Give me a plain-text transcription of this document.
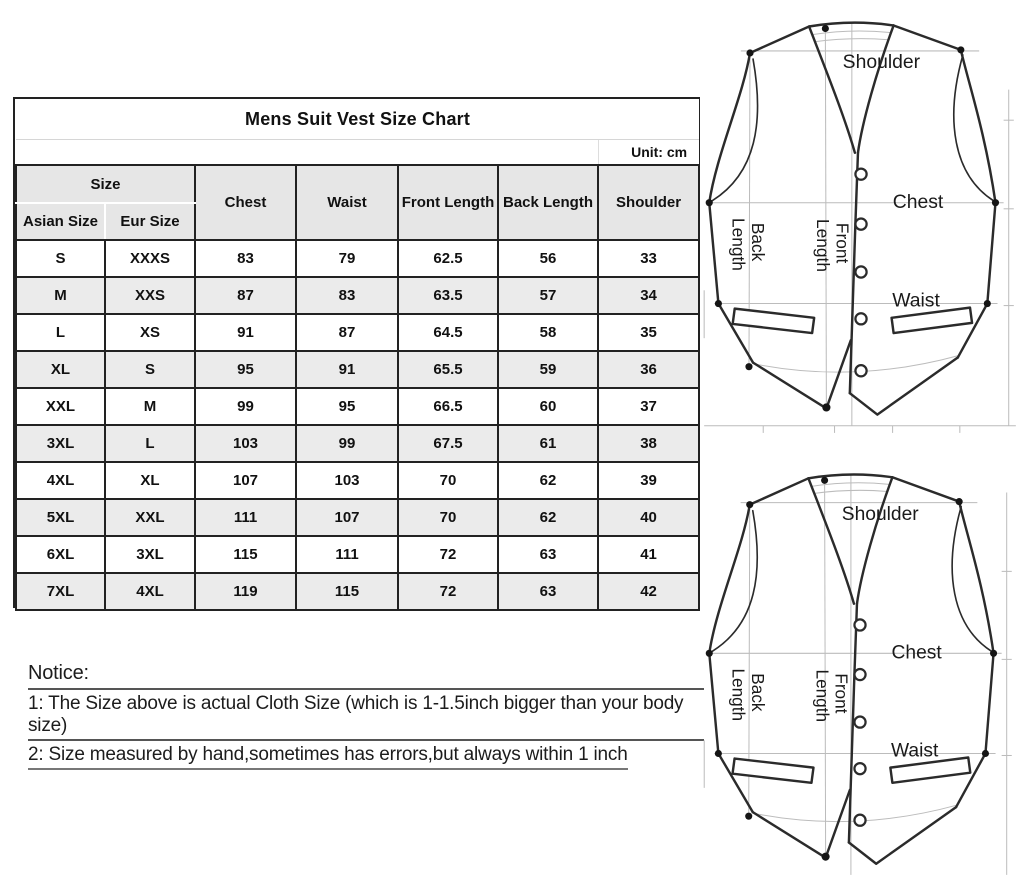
Mens Suit Vest Size Chart						
						Unit: cm
Size		Chest	Waist	Front Length	Back Length	Shoulder
Asian Size	Eur Size					
S	XXXS	83	79	62.5	56	33
M	XXS	87	83	63.5	57	34
L	XS	91	87	64.5	58	35
XL	S	95	91	65.5	59	36
XXL	M	99	95	66.5	60	37
3XL	L	103	99	67.5	61	38
4XL	XL	107	103	70	62	39
5XL	XXL	111	107	70	62	40
6XL	3XL	115	111	72	63	41
7XL	4XL	119	115	72	63	42
Notice:
1: The Size above is actual Cloth Size (which is 1-1.5inch bigger than your body size)
2: Size measured by hand,sometimes has errors,but always within 1 inch
Shoulder
Chest
Waist
Back Length	Front Length
Shoulder
Chest
Waist
Back Length	Front Length
